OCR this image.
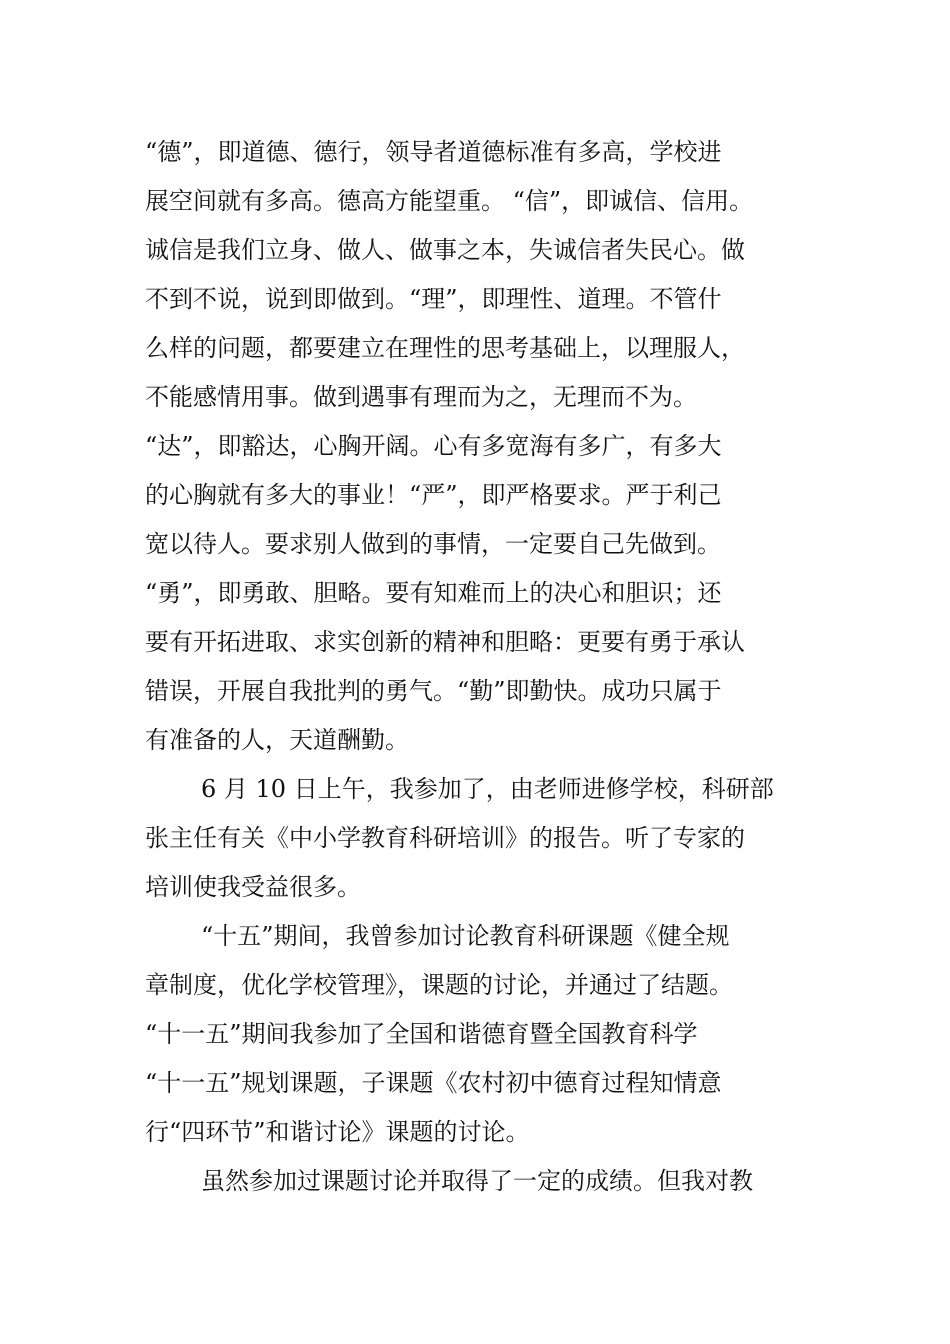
“德”，即道德、德行，领导者道德标准有多高，学校进
展空间就有多高。德高方能望重。 “信”，即诚信、信用。
诚信是我们立身、做人、做事之本，失诚信者失民心。做
不到不说，说到即做到。“理”，即理性、道理。不管什
么样的问题，都要建立在理性的思考基础上，以理服人，
不能感情用事。做到遇事有理而为之，无理而不为。
“达”，即豁达，心胸开阔。心有多宽海有多广，有多大
的心胸就有多大的事业！“严”，即严格要求。严于利己
宽以待人。要求别人做到的事情，一定要自己先做到。
“勇”，即勇敢、胆略。要有知难而上的决心和胆识；还
要有开拓进取、求实创新的精神和胆略：更要有勇于承认
错误，开展自我批判的勇气。“勤”即勤快。成功只属于
有准备的人，天道酬勤。
6 月 10 日上午，我参加了，由老师进修学校，科研部
张主任有关《中小学教育科研培训》的报告。听了专家的
培训使我受益很多。
“十五”期间，我曾参加讨论教育科研课题《健全规
章制度，优化学校管理》，课题的讨论，并通过了结题。
“十一五”期间我参加了全国和谐德育暨全国教育科学
“十一五”规划课题，子课题《农村初中德育过程知情意
行“四环节”和谐讨论》课题的讨论。
虽然参加过课题讨论并取得了一定的成绩。但我对教
